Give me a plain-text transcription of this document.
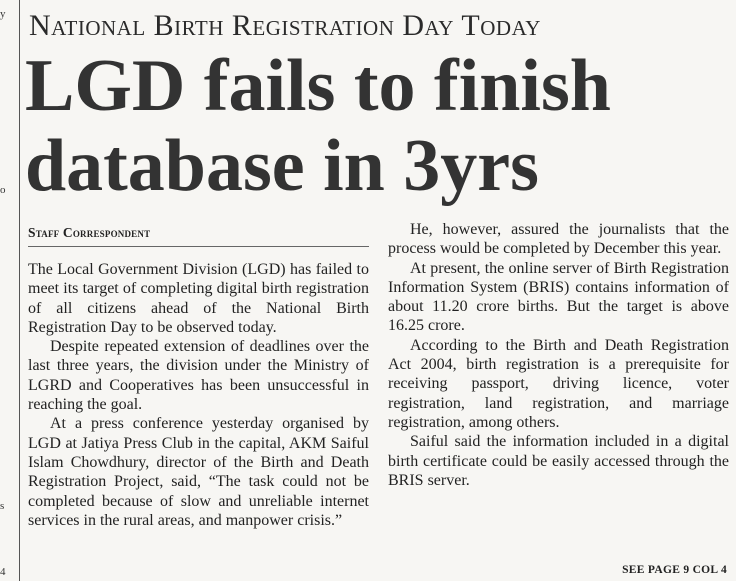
y
o
s
4
National Birth Registration Day Today
LGD fails to finish
database in 3yrs
Staff Correspondent

The Local Government Division (LGD) has failed to meet its target of completing digital birth registration of all citizens ahead of the National Birth Registration Day to be observed today.

Despite repeated extension of deadlines over the last three years, the division under the Ministry of LGRD and Cooperatives has been unsuccessful in reaching the goal.

At a press conference yesterday organised by LGD at Jatiya Press Club in the capital, AKM Saiful Islam Chowdhury, director of the Birth and Death Registration Project, said, “The task could not be completed because of slow and unreliable internet services in the rural areas, and manpower crisis.”

He, however, assured the journalists that the process would be completed by December this year.

At present, the online server of Birth Registration Information System (BRIS) contains information of about 11.20 crore births. But the target is above 16.25 crore.

According to the Birth and Death Registration Act 2004, birth registration is a prerequisite for receiving passport, driving licence, voter registration, land registration, and marriage registration, among others.

Saiful said the information included in a digital birth certificate could be easily accessed through the BRIS server.

SEE PAGE 9 COL 4
